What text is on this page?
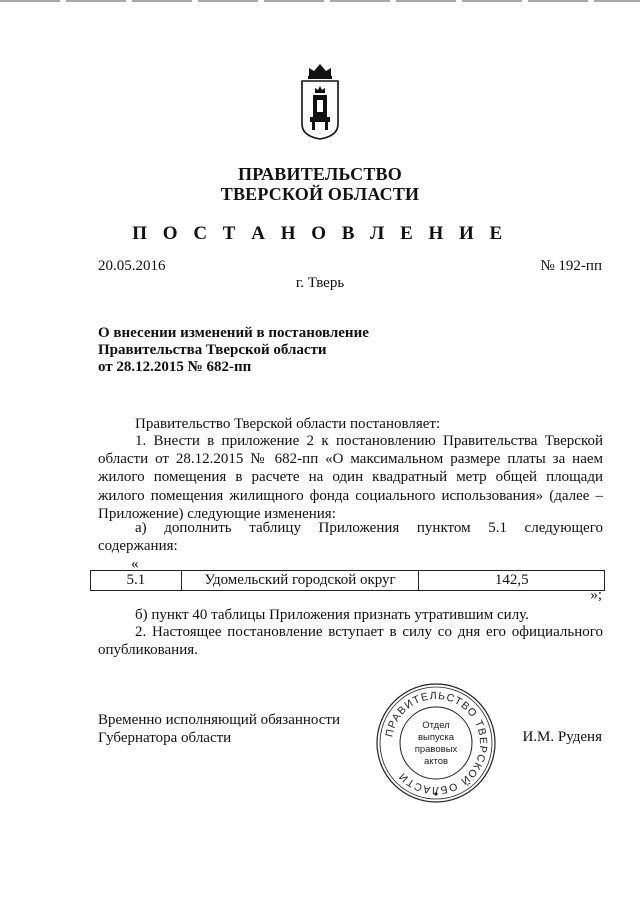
ПРАВИТЕЛЬСТВО
ТВЕРСКОЙ ОБЛАСТИ
П О С Т А Н О В Л Е Н И Е
20.05.2016	№ 192-пп
г. Тверь
О внесении изменений в постановление
Правительства Тверской области
от 28.12.2015 № 682-пп
Правительство Тверской области постановляет:
1. Внести в приложение 2 к постановлению Правительства Тверской области от 28.12.2015 № 682-пп «О максимальном размере платы за наем жилого помещения в расчете на один квадратный метр общей площади жилого помещения жилищного фонда социального использования» (далее – Приложение) следующие изменения:
а) дополнить таблицу Приложения пунктом 5.1 следующего содержания:
«
5.1	Удомельский городской округ	142,5
»;
б) пункт 40 таблицы Приложения признать утратившим силу.
2. Настоящее постановление вступает в силу со дня его официального опубликования.
Временно исполняющий обязанности
Губернатора области	ПРАВИТЕЛЬСТВО ТВЕРСКОЙ ОБЛАСТИ
Отдел
выпуска
правовых
актов
И.М. Руденя
